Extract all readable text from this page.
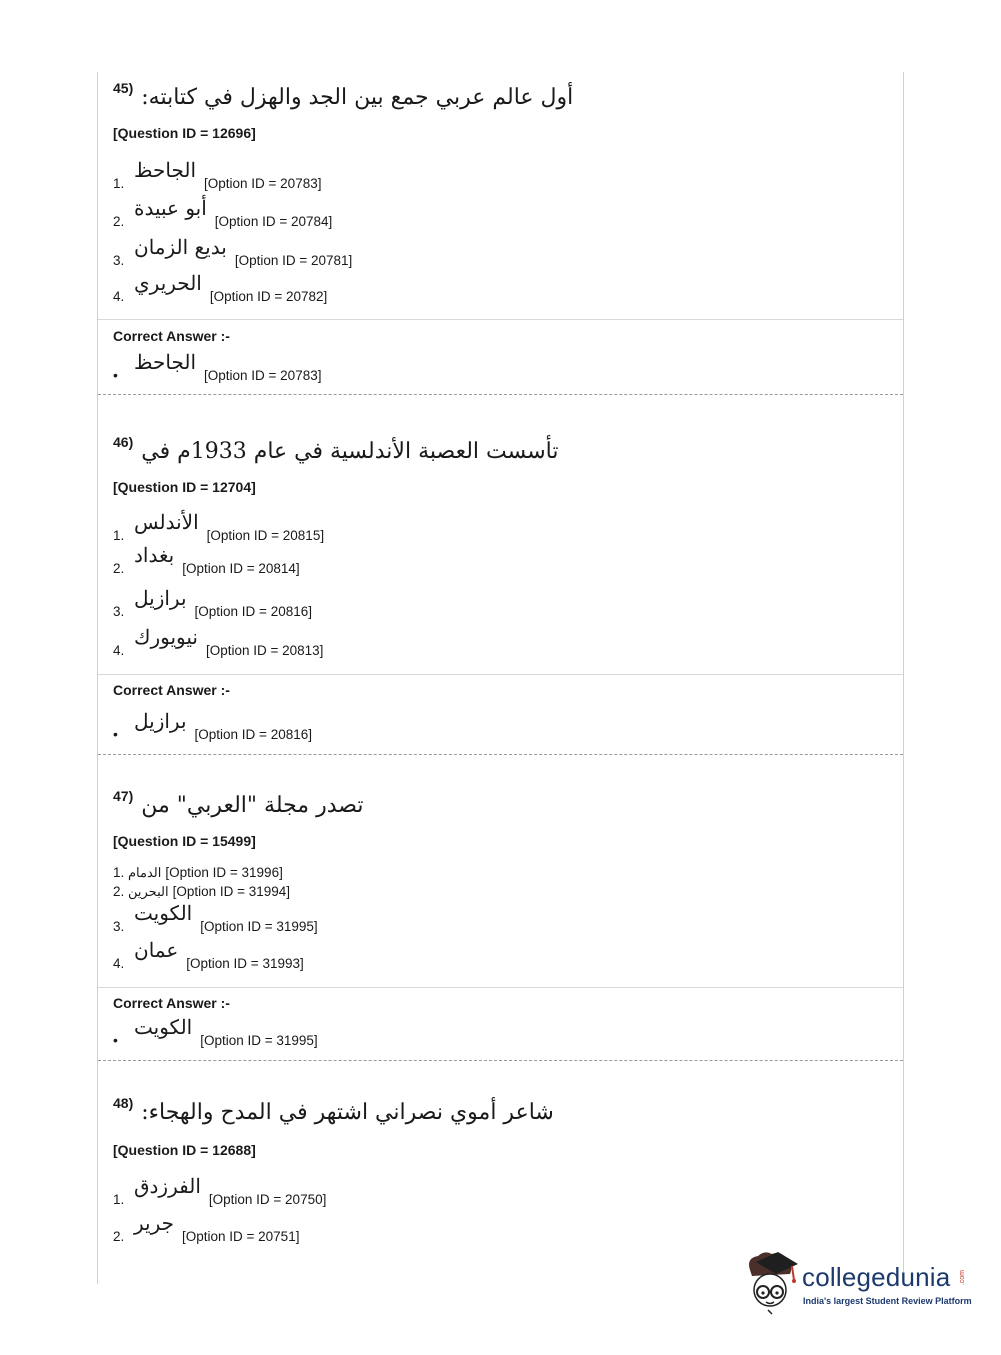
45) أول عالم عربي جمع بين الجد والهزل في كتابته:
[Question ID = 12696]
1.
الجاحظ
[Option ID = 20783]
2.
أبو عبيدة
[Option ID = 20784]
3.
بديع الزمان
[Option ID = 20781]
4.
الحريري
[Option ID = 20782]
Correct Answer :-
•
الجاحظ
[Option ID = 20783]
46) تأسست العصبة الأندلسية في عام 1933م في
[Question ID = 12704]
1.
الأندلس
[Option ID = 20815]
2.
بغداد
[Option ID = 20814]
3.
برازيل
[Option ID = 20816]
4.
نيويورك
[Option ID = 20813]
Correct Answer :-
•
برازيل
[Option ID = 20816]
47) تصدر مجلة "العربي" من
[Question ID = 15499]
1. الدمام [Option ID = 31996]
2. البحرين [Option ID = 31994]
3.
الكويت
[Option ID = 31995]
4.
عمان
[Option ID = 31993]
Correct Answer :-
•
الكويت
[Option ID = 31995]
48) شاعر أموي نصراني اشتهر في المدح والهجاء:
[Question ID = 12688]
1.
الفرزدق
[Option ID = 20750]
2.
جرير
[Option ID = 20751]
collegedunia .com
India's largest Student Review Platform
